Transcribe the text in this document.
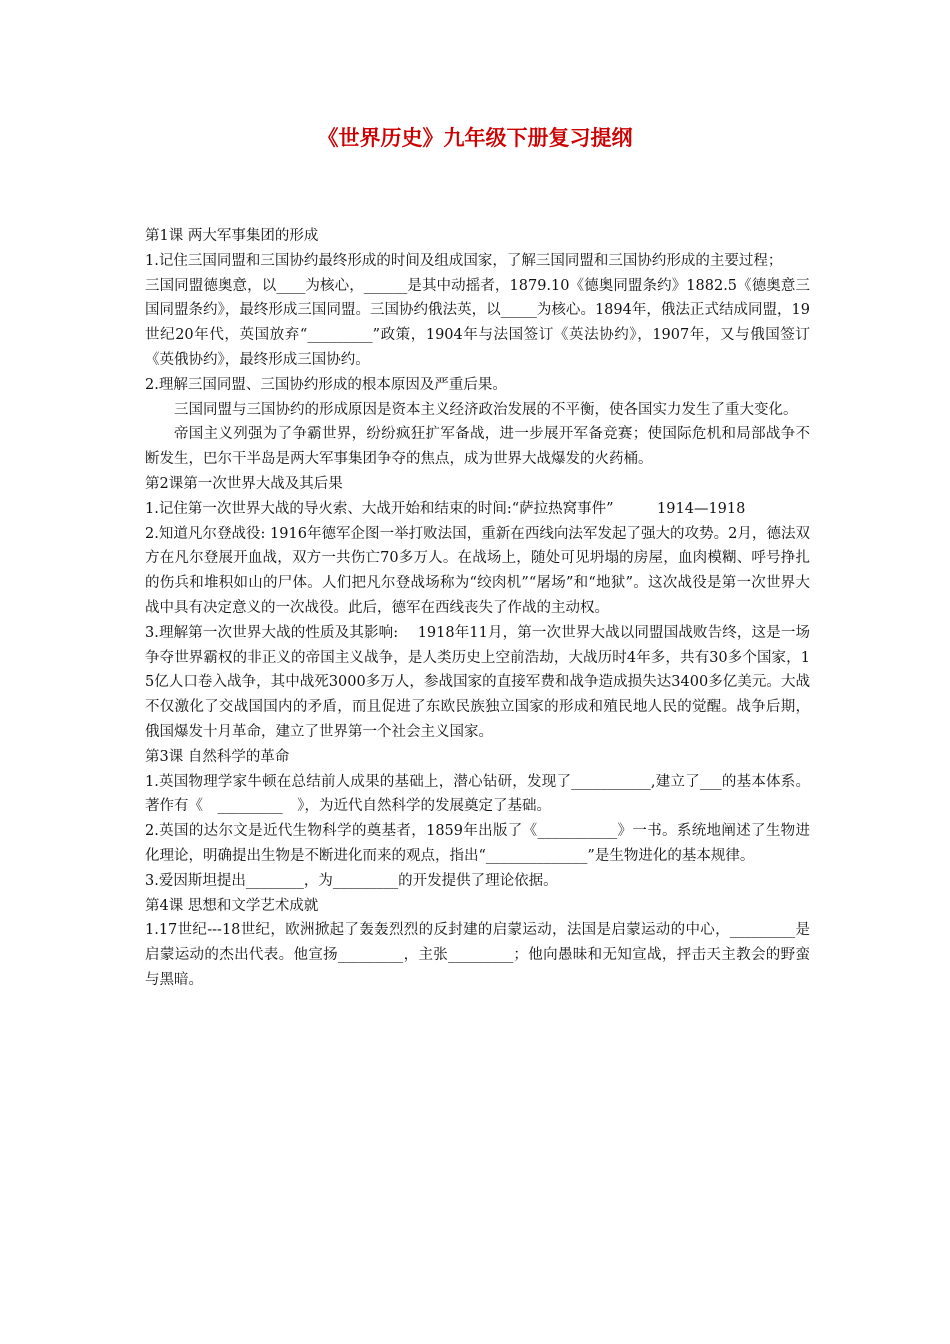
《世界历史》九年级下册复习提纲

第1课 两大军事集团的形成

1.记住三国同盟和三国协约最终形成的时间及组成国家，了解三国同盟和三国协约形成的主要过程；

三国同盟德奥意，以____为核心，______是其中动摇者，1879.10《德奥同盟条约》1882.5《德奥意三国同盟条约》，最终形成三国同盟。三国协约俄法英，以_____为核心。1894年，俄法正式结成同盟，19世纪20年代，英国放弃“_________”政策，1904年与法国签订《英法协约》，1907年，又与俄国签订《英俄协约》，最终形成三国协约。

2.理解三国同盟、三国协约形成的根本原因及严重后果。

三国同盟与三国协约的形成原因是资本主义经济政治发展的不平衡，使各国实力发生了重大变化。

帝国主义列强为了争霸世界，纷纷疯狂扩军备战，进一步展开军备竞赛；使国际危机和局部战争不断发生，巴尔干半岛是两大军事集团争夺的焦点，成为世界大战爆发的火药桶。

第2课第一次世界大战及其后果

1.记住第一次世界大战的导火索、大战开始和结束的时间:“萨拉热窝事件”　　　1914—1918

2.知道凡尔登战役: 1916年德军企图一举打败法国，重新在西线向法军发起了强大的攻势。2月，德法双方在凡尔登展开血战，双方一共伤亡70多万人。在战场上，随处可见坍塌的房屋，血肉模糊、呼号挣扎的伤兵和堆积如山的尸体。人们把凡尔登战场称为“绞肉机”“屠场”和“地狱”。这次战役是第一次世界大战中具有决定意义的一次战役。此后，德军在西线丧失了作战的主动权。

3.理解第一次世界大战的性质及其影响:　 1918年11月，第一次世界大战以同盟国战败告终，这是一场争夺世界霸权的非正义的帝国主义战争，是人类历史上空前浩劫，大战历时4年多，共有30多个国家，15亿人口卷入战争，其中战死3000多万人，参战国家的直接军费和战争造成损失达3400多亿美元。大战不仅激化了交战国国内的矛盾，而且促进了东欧民族独立国家的形成和殖民地人民的觉醒。战争后期，俄国爆发十月革命，建立了世界第一个社会主义国家。

第3课 自然科学的革命

1.英国物理学家牛顿在总结前人成果的基础上，潜心钻研，发现了___________,建立了___的基本体系。著作有《　_________　》，为近代自然科学的发展奠定了基础。

2.英国的达尔文是近代生物科学的奠基者，1859年出版了《___________》一书。系统地阐述了生物进化理论，明确提出生物是不断进化而来的观点，指出“______________”是生物进化的基本规律。

3.爱因斯坦提出________，为_________的开发提供了理论依据。

第4课 思想和文学艺术成就

1.17世纪---18世纪，欧洲掀起了轰轰烈烈的反封建的启蒙运动，法国是启蒙运动的中心，_________是启蒙运动的杰出代表。他宣扬_________，主张_________；他向愚昧和无知宣战，抨击天主教会的野蛮与黑暗。
